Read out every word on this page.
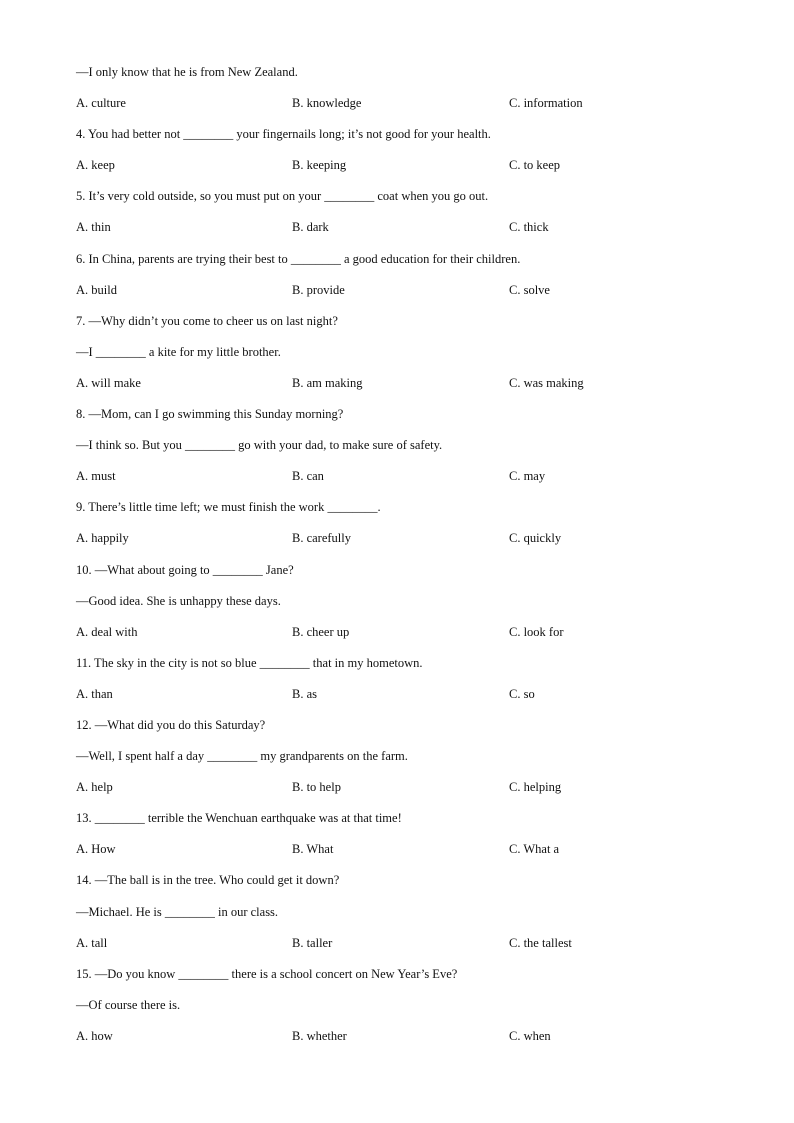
—I only know that he is from New Zealand.
A. culture	B. knowledge	C. information
4. You had better not ________ your fingernails long; it’s not good for your health.
A. keep	B. keeping	C. to keep
5. It’s very cold outside, so you must put on your ________ coat when you go out.
A. thin	B. dark	C. thick
6. In China, parents are trying their best to ________ a good education for their children.
A. build	B. provide	C. solve
7. —Why didn’t you come to cheer us on last night?
—I ________ a kite for my little brother.
A. will make	B. am making	C. was making
8. —Mom, can I go swimming this Sunday morning?
—I think so. But you ________ go with your dad, to make sure of safety.
A. must	B. can	C. may
9. There’s little time left; we must finish the work ________.
A. happily	B. carefully	C. quickly
10. —What about going to ________ Jane?
—Good idea. She is unhappy these days.
A. deal with	B. cheer up	C. look for
11. The sky in the city is not so blue ________ that in my hometown.
A. than	B. as	C. so
12. —What did you do this Saturday?
—Well, I spent half a day ________ my grandparents on the farm.
A. help	B. to help	C. helping
13. ________ terrible the Wenchuan earthquake was at that time!
A. How	B. What	C. What a
14. —The ball is in the tree. Who could get it down?
—Michael. He is ________ in our class.
A. tall	B. taller	C. the tallest
15. —Do you know ________ there is a school concert on New Year’s Eve?
—Of course there is.
A. how	B. whether	C. when
